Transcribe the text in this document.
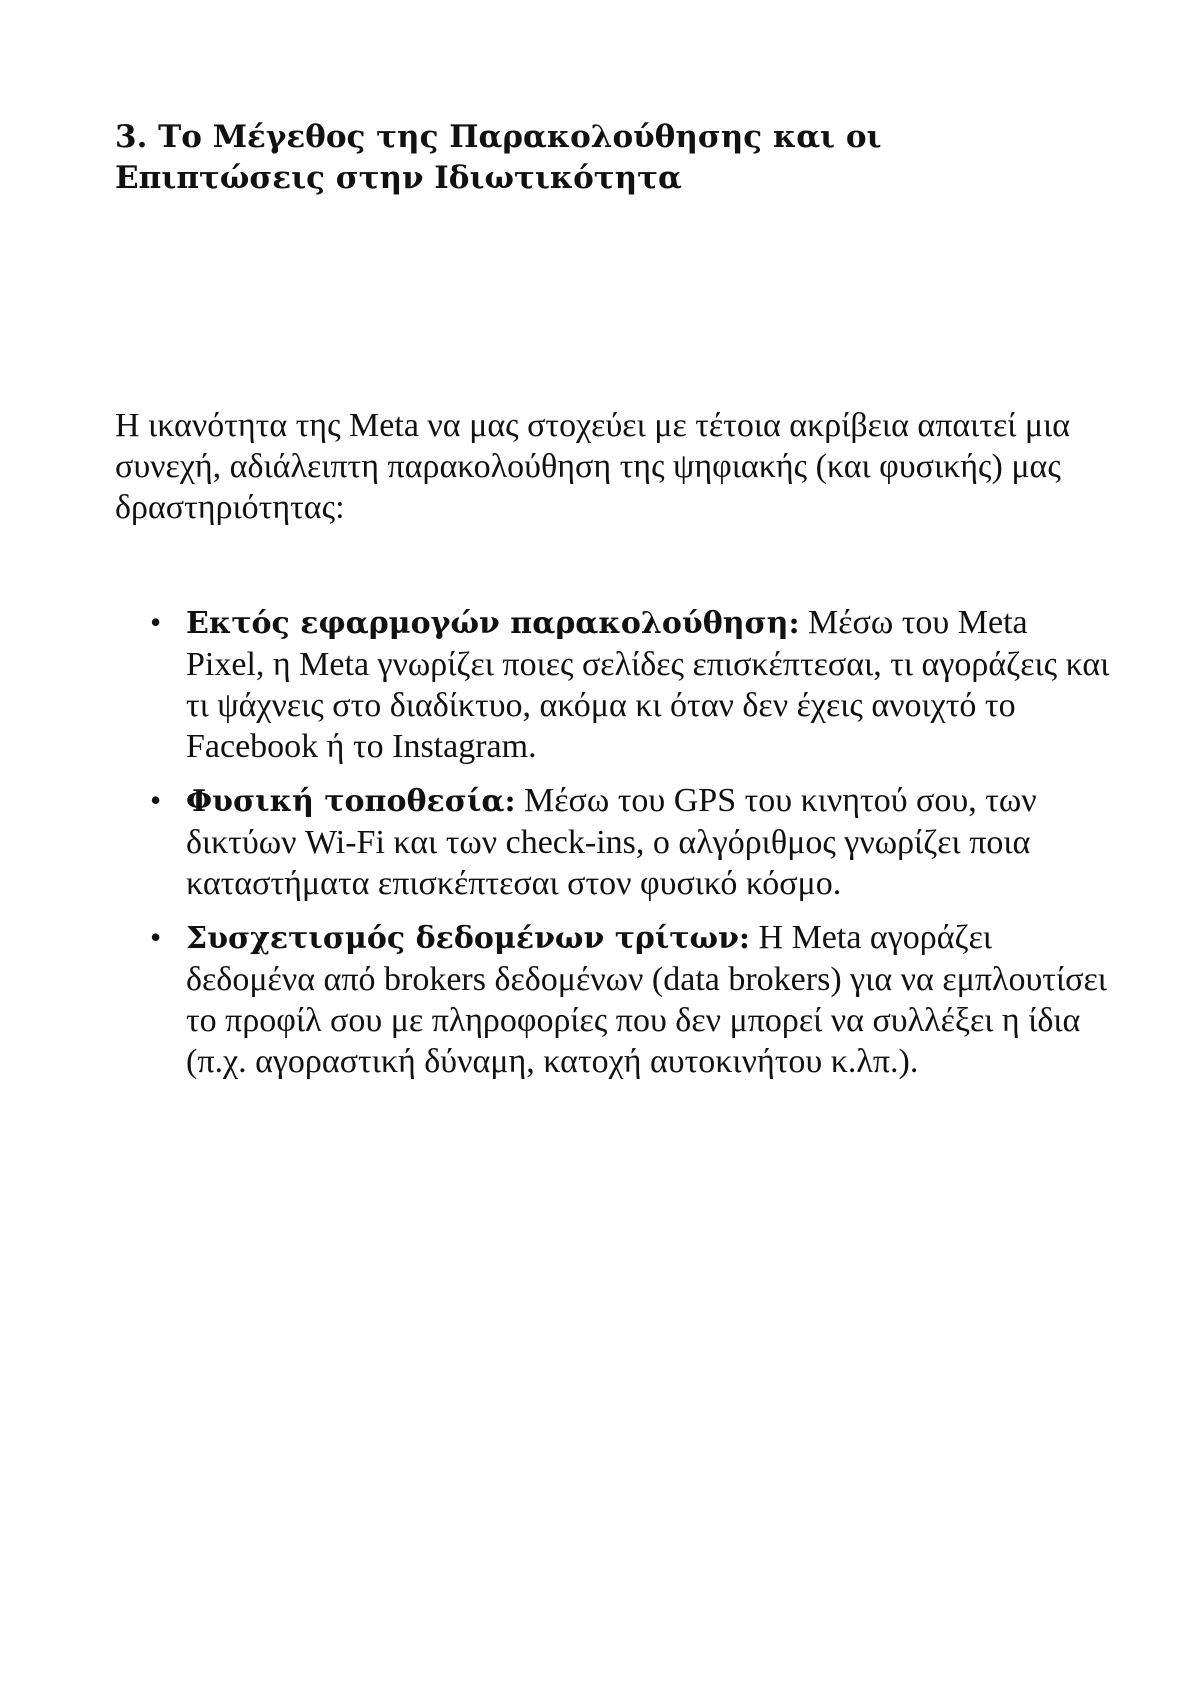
3. Το Μέγεθος της Παρακολούθησης και οι Επιπτώσεις στην Ιδιωτικότητα

Η ικανότητα της Meta να μας στοχεύει με τέτοια ακρίβεια απαιτεί μια συνεχή, αδιάλειπτη παρακολούθηση της ψηφιακής (και φυσικής) μας δραστηριότητας:

• Εκτός εφαρμογών παρακολούθηση: Μέσω του Meta Pixel, η Meta γνωρίζει ποιες σελίδες επισκέπτεσαι, τι αγοράζεις και τι ψάχνεις στο διαδίκτυο, ακόμα κι όταν δεν έχεις ανοιχτό το Facebook ή το Instagram.
• Φυσική τοποθεσία: Μέσω του GPS του κινητού σου, των δικτύων Wi-Fi και των check-ins, ο αλγόριθμος γνωρίζει ποια καταστήματα επισκέπτεσαι στον φυσικό κόσμο.
• Συσχετισμός δεδομένων τρίτων: Η Meta αγοράζει δεδομένα από brokers δεδομένων (data brokers) για να εμπλουτίσει το προφίλ σου με πληροφορίες που δεν μπορεί να συλλέξει η ίδια (π.χ. αγοραστική δύναμη, κατοχή αυτοκινήτου κ.λπ.).
